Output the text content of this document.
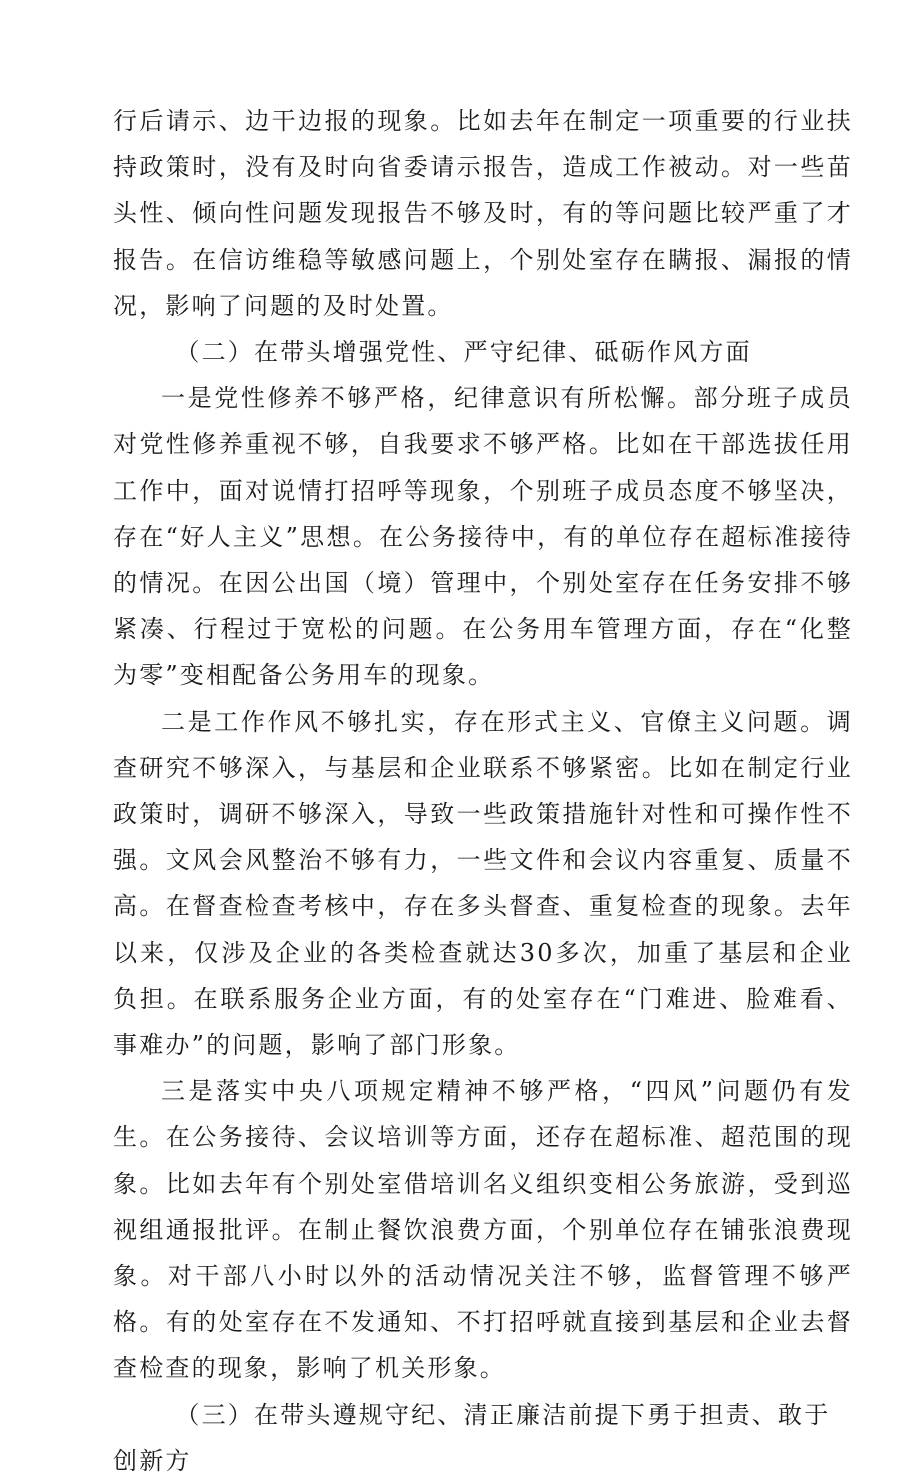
行后请示、边干边报的现象。比如去年在制定一项重要的行业扶持政策时，没有及时向省委请示报告，造成工作被动。对一些苗头性、倾向性问题发现报告不够及时，有的等问题比较严重了才报告。在信访维稳等敏感问题上，个别处室存在瞒报、漏报的情况，影响了问题的及时处置。

（二）在带头增强党性、严守纪律、砥砺作风方面

一是党性修养不够严格，纪律意识有所松懈。部分班子成员对党性修养重视不够，自我要求不够严格。比如在干部选拔任用工作中，面对说情打招呼等现象，个别班子成员态度不够坚决，存在“好人主义”思想。在公务接待中，有的单位存在超标准接待的情况。在因公出国（境）管理中，个别处室存在任务安排不够紧凑、行程过于宽松的问题。在公务用车管理方面，存在“化整为零”变相配备公务用车的现象。

二是工作作风不够扎实，存在形式主义、官僚主义问题。调查研究不够深入，与基层和企业联系不够紧密。比如在制定行业政策时，调研不够深入，导致一些政策措施针对性和可操作性不强。文风会风整治不够有力，一些文件和会议内容重复、质量不高。在督查检查考核中，存在多头督查、重复检查的现象。去年以来，仅涉及企业的各类检查就达30多次，加重了基层和企业负担。在联系服务企业方面，有的处室存在“门难进、脸难看、事难办”的问题，影响了部门形象。

三是落实中央八项规定精神不够严格，“四风”问题仍有发生。在公务接待、会议培训等方面，还存在超标准、超范围的现象。比如去年有个别处室借培训名义组织变相公务旅游，受到巡视组通报批评。在制止餐饮浪费方面，个别单位存在铺张浪费现象。对干部八小时以外的活动情况关注不够，监督管理不够严格。有的处室存在不发通知、不打招呼就直接到基层和企业去督查检查的现象，影响了机关形象。

（三）在带头遵规守纪、清正廉洁前提下勇于担责、敢于创新方
